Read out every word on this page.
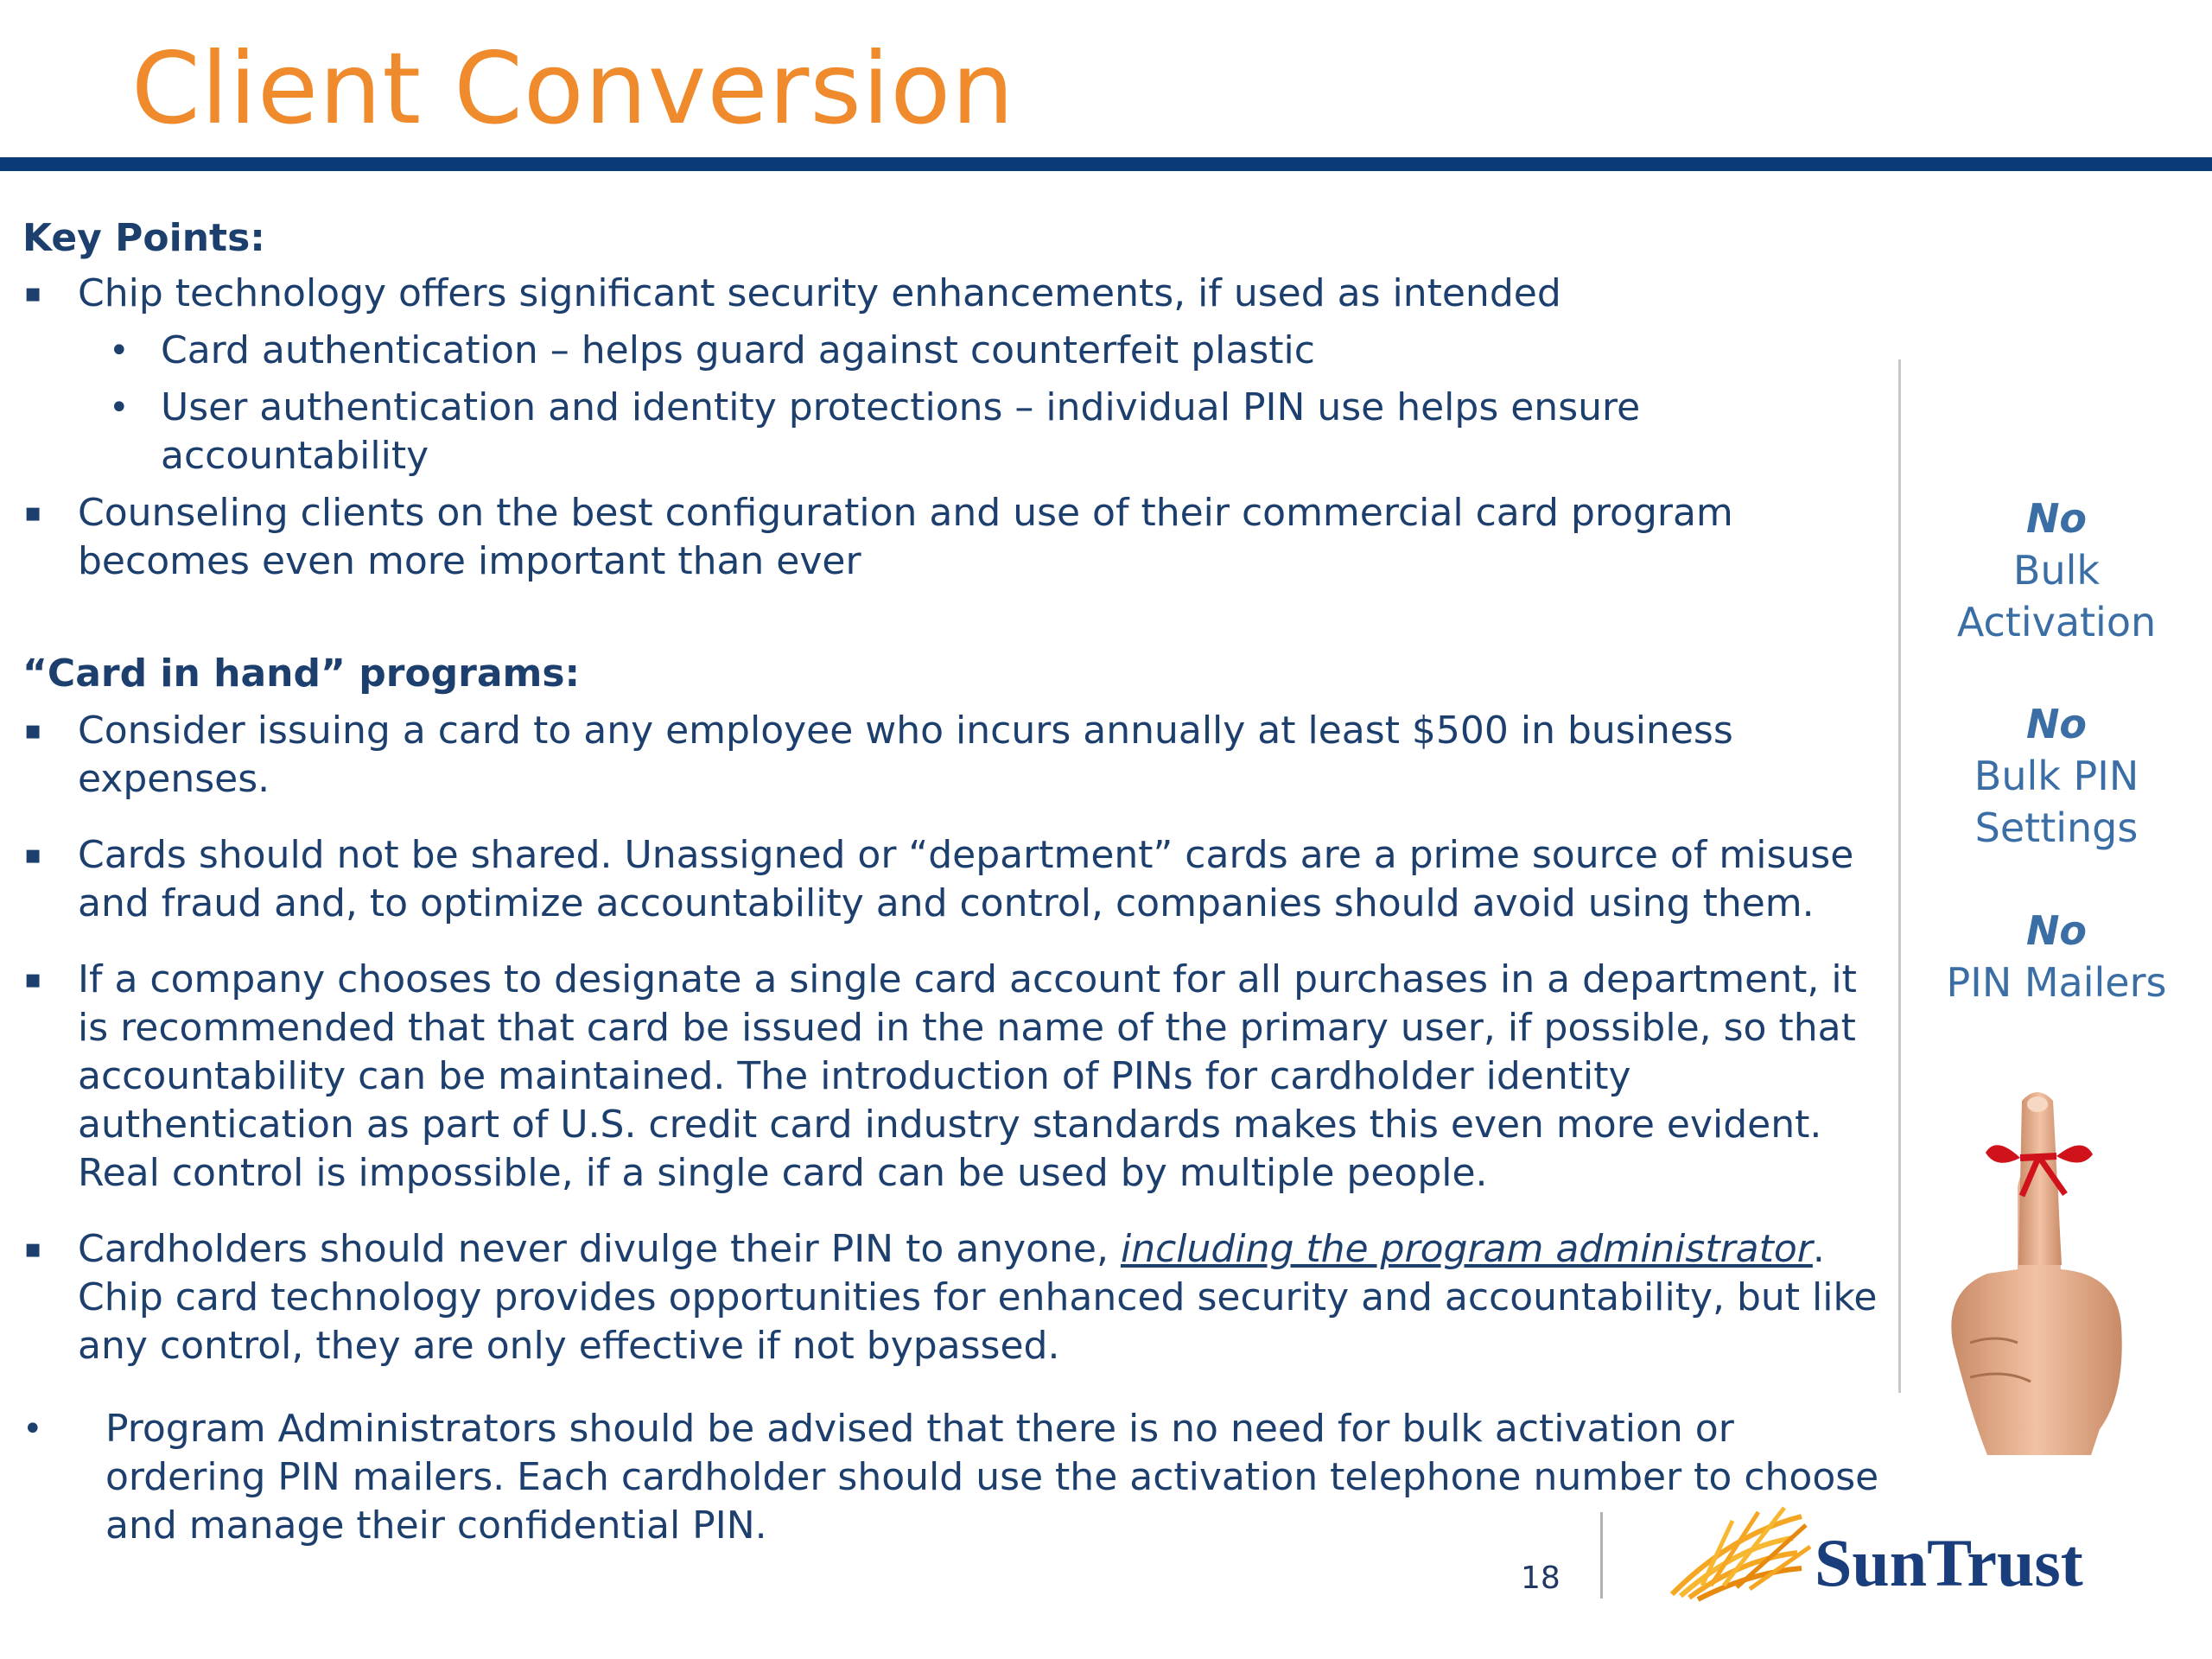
Client Conversion

Key Points:

▪ Chip technology offers significant security enhancements, if used as intended

• Card authentication – helps guard against counterfeit plastic

• User authentication and identity protections – individual PIN use helps ensure accountability

▪ Counseling clients on the best configuration and use of their commercial card program becomes even more important than ever

“Card in hand” programs:

▪ Consider issuing a card to any employee who incurs annually at least $500 in business expenses.

▪ Cards should not be shared. Unassigned or “department” cards are a prime source of misuse and fraud and, to optimize accountability and control, companies should avoid using them.

▪ If a company chooses to designate a single card account for all purchases in a department, it is recommended that that card be issued in the name of the primary user, if possible, so that accountability can be maintained. The introduction of PINs for cardholder identity authentication as part of U.S. credit card industry standards makes this even more evident. Real control is impossible, if a single card can be used by multiple people.

▪ Cardholders should never divulge their PIN to anyone, including the program administrator. Chip card technology provides opportunities for enhanced security and accountability, but like any control, they are only effective if not bypassed.

• Program Administrators should be advised that there is no need for bulk activation or ordering PIN mailers. Each cardholder should use the activation telephone number to choose and manage their confidential PIN.

No
Bulk
Activation
No
Bulk PIN
Settings
No
PIN Mailers
18	SunTrust
